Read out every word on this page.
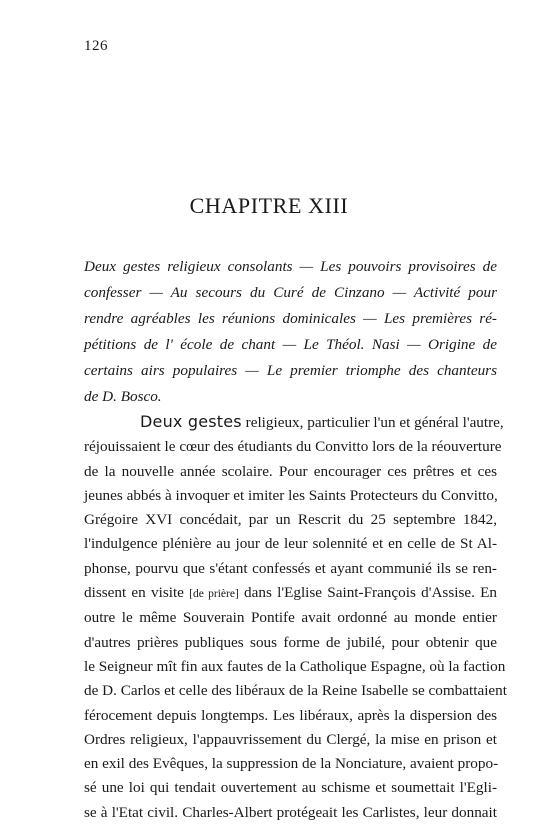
126
CHAPITRE XIII
Deux gestes religieux consolants — Les pouvoirs provisoires de
confesser — Au secours du Curé de Cinzano — Activité pour
rendre agréables les réunions dominicales — Les premières ré-
pétitions de l' école de chant — Le Théol. Nasi — Origine de
certains airs populaires — Le premier triomphe des chanteurs
de D. Bosco.
Deux gestes religieux, particulier l'un et général l'autre,
réjouissaient le cœur des étudiants du Convitto lors de la réouverture
de la nouvelle année scolaire. Pour encourager ces prêtres et ces
jeunes abbés à invoquer et imiter les Saints Protecteurs du Convitto,
Grégoire XVI concédait, par un Rescrit du 25 septembre 1842,
l'indulgence plénière au jour de leur solennité et en celle de St Al-
phonse, pourvu que s'étant confessés et ayant communié ils se ren-
dissent en visite [de prière] dans l'Eglise Saint-François d'Assise. En
outre le même Souverain Pontife avait ordonné au monde entier
d'autres prières publiques sous forme de jubilé, pour obtenir que
le Seigneur mît fin aux fautes de la Catholique Espagne, où la faction
de D. Carlos et celle des libéraux de la Reine Isabelle se combattaient
férocement depuis longtemps. Les libéraux, après la dispersion des
Ordres religieux, l'appauvrissement du Clergé, la mise en prison et
en exil des Evêques, la suppression de la Nonciature, avaient propo-
sé une loi qui tendait ouvertement au schisme et soumettait l'Egli-
se à l'Etat civil. Charles-Albert protégeait les Carlistes, leur donnait
